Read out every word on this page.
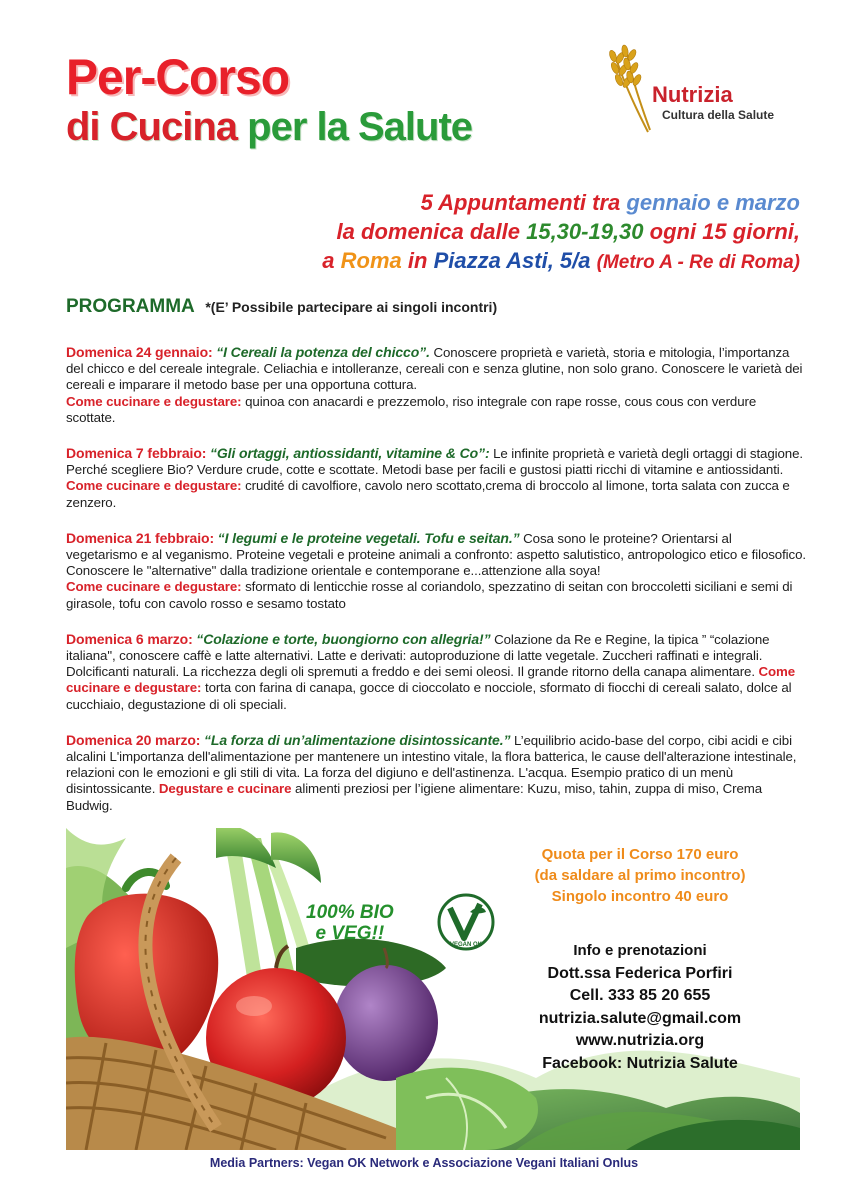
Per-Corso
di Cucina per la Salute
Nutrizia
Cultura della Salute
5 Appuntamenti tra gennaio e marzo
la domenica dalle 15,30-19,30 ogni 15 giorni,
a Roma in Piazza Asti, 5/a (Metro A - Re di Roma)
PROGRAMMA *(E’ Possibile partecipare ai singoli incontri)

Domenica 24 gennaio: “I Cereali la potenza del chicco”. Conoscere proprietà e varietà, storia e mitologia, l’importanza del chicco e del cereale integrale. Celiachia e intolleranze, cereali con e senza glutine, non solo grano. Conoscere le varietà dei cereali e imparare il metodo base per una opportuna cottura.
Come cucinare e degustare: quinoa con anacardi e prezzemolo, riso integrale con rape rosse, cous cous con verdure scottate.

Domenica 7 febbraio: “Gli ortaggi, antiossidanti, vitamine & Co”: Le infinite proprietà e varietà degli ortaggi di stagione. Perché scegliere Bio? Verdure crude, cotte e scottate. Metodi base per facili e gustosi piatti ricchi di vitamine e antiossidanti. Come cucinare e degustare: crudité di cavolfiore, cavolo nero scottato,crema di broccolo al limone, torta salata con zucca e zenzero.

Domenica 21 febbraio: “I legumi e le proteine vegetali. Tofu e seitan.” Cosa sono le proteine? Orientarsi al vegetarismo e al veganismo. Proteine vegetali e proteine animali a confronto: aspetto salutistico, antropologico etico e filosofico. Conoscere le "alternative" dalla tradizione orientale e contemporane e...attenzione alla soya!
Come cucinare e degustare: sformato di lenticchie rosse al coriandolo, spezzatino di seitan con broccoletti siciliani e semi di girasole, tofu con cavolo rosso e sesamo tostato

Domenica 6 marzo: “Colazione e torte, buongiorno con allegria!” Colazione da Re e Regine, la tipica ” “colazione italiana", conoscere caffè e latte alternativi. Latte e derivati: autoproduzione di latte vegetale. Zuccheri raffinati e integrali. Dolcificanti naturali. La ricchezza degli oli spremuti a freddo e dei semi oleosi. Il grande ritorno della canapa alimentare. Come cucinare e degustare: torta con farina di canapa, gocce di cioccolato e nocciole, sformato di fiocchi di cereali salato, dolce al cucchiaio, degustazione di oli speciali.

Domenica 20 marzo: “La forza di un’alimentazione disintossicante.” L’equilibrio acido-base del corpo, cibi acidi e cibi alcalini L'importanza dell'alimentazione per mantenere un intestino vitale, la flora batterica, le cause dell'alterazione intestinale, relazioni con le emozioni e gli stili di vita. La forza del digiuno e dell'astinenza. L'acqua. Esempio pratico di un menù disintossicante. Degustare e cucinare alimenti preziosi per l’igiene alimentare: Kuzu, miso, tahin, zuppa di miso, Crema Budwig.

100% BIO
e VEG!!
VEGAN OK
Quota per il Corso 170 euro
(da saldare al primo incontro)
Singolo incontro 40 euro
Info e prenotazioni
Dott.ssa Federica Porfiri
Cell. 333 85 20 655
nutrizia.salute@gmail.com
www.nutrizia.org
Facebook: Nutrizia Salute
Media Partners: Vegan OK Network e Associazione Vegani Italiani Onlus
